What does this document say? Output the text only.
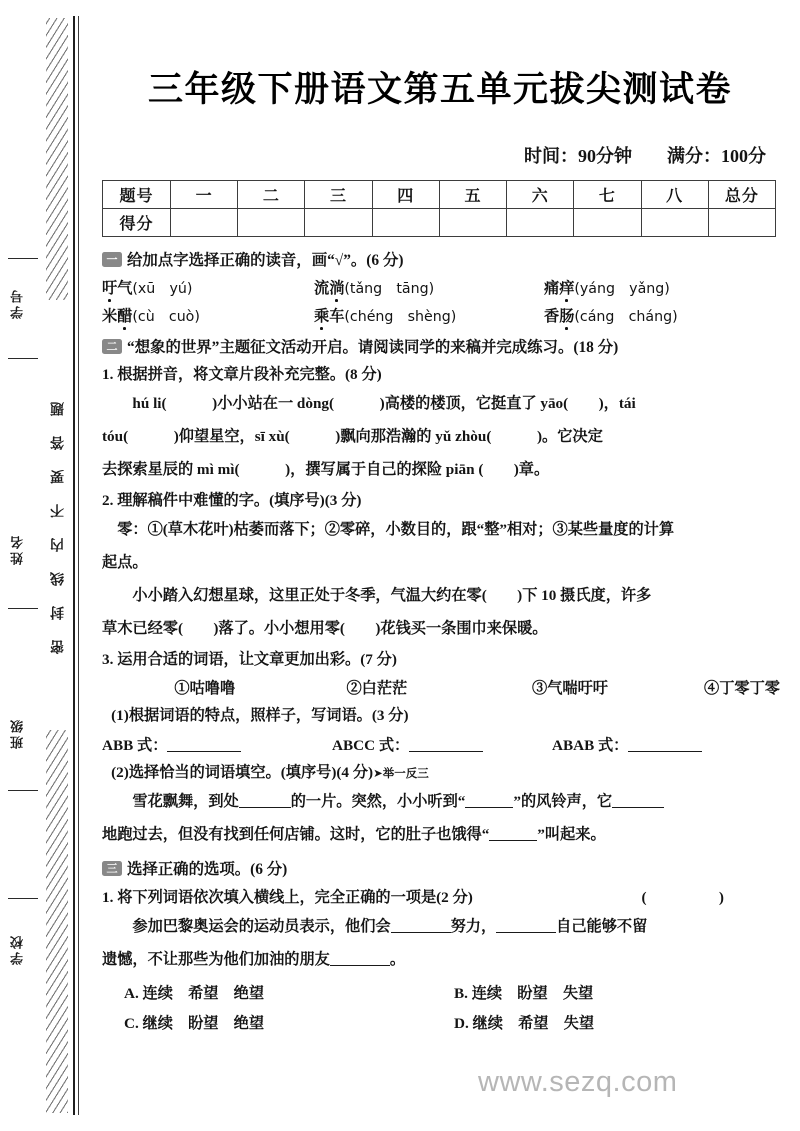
密封线内不要答题
学号
姓名
班级
学校
三年级下册语文第五单元拔尖测试卷
时间：90分钟 满分：100分
题号	一	二	三	四	五	六	七	八	总分
得分									
一 给加点字选择正确的读音，画“√”。(6 分)
吁气(xū　yú)	流淌(tǎng　tāng)	痛痒(yáng　yǎng)
米醋(cù　cuò)	乘车(chéng　shèng)	香肠(cáng　cháng)
二 “想象的世界”主题征文活动开启。请阅读同学的来稿并完成练习。(18 分)
1. 根据拼音，将文章片段补充完整。(8 分)
hú li(　　　)小小站在一 dòng(　　　)高楼的楼顶，它挺直了 yāo(　　)，tái
tóu(　　　)仰望星空，sī xù(　　　)飘向那浩瀚的 yǔ zhòu(　　　)。它决定
去探索星辰的 mì mì(　　　)，撰写属于自己的探险 piān (　　)章。
2. 理解稿件中难懂的字。(填序号)(3 分)
零：①(草木花叶)枯萎而落下；②零碎，小数目的，跟“整”相对；③某些量度的计算
起点。
小小踏入幻想星球，这里正处于冬季，气温大约在零(　　)下 10 摄氏度，许多
草木已经零(　　)落了。小小想用零(　　)花钱买一条围巾来保暖。
3. 运用合适的词语，让文章更加出彩。(7 分)
①咕噜噜	②白茫茫	③气喘吁吁	④丁零丁零
(1)根据词语的特点，照样子，写词语。(3 分)
ABB 式：	ABCC 式：	ABAB 式：
(2)选择恰当的词语填空。(填序号)(4 分)➤举一反三
雪花飘舞，到处	的一片。突然，小小听到“	”的风铃声，它
地跑过去，但没有找到任何店铺。这时，它的肚子也饿得“	”叫起来。
三 选择正确的选项。(6 分)
1. 将下列词语依次填入横线上，完全正确的一项是(2 分)	(　　)
参加巴黎奥运会的运动员表示，他们会	努力，	自己能够不留
遗憾，不让那些为他们加油的朋友	。
A. 连续　希望　绝望	B. 连续　盼望　失望
C. 继续　盼望　绝望	D. 继续　希望　失望
www.sezq.com
